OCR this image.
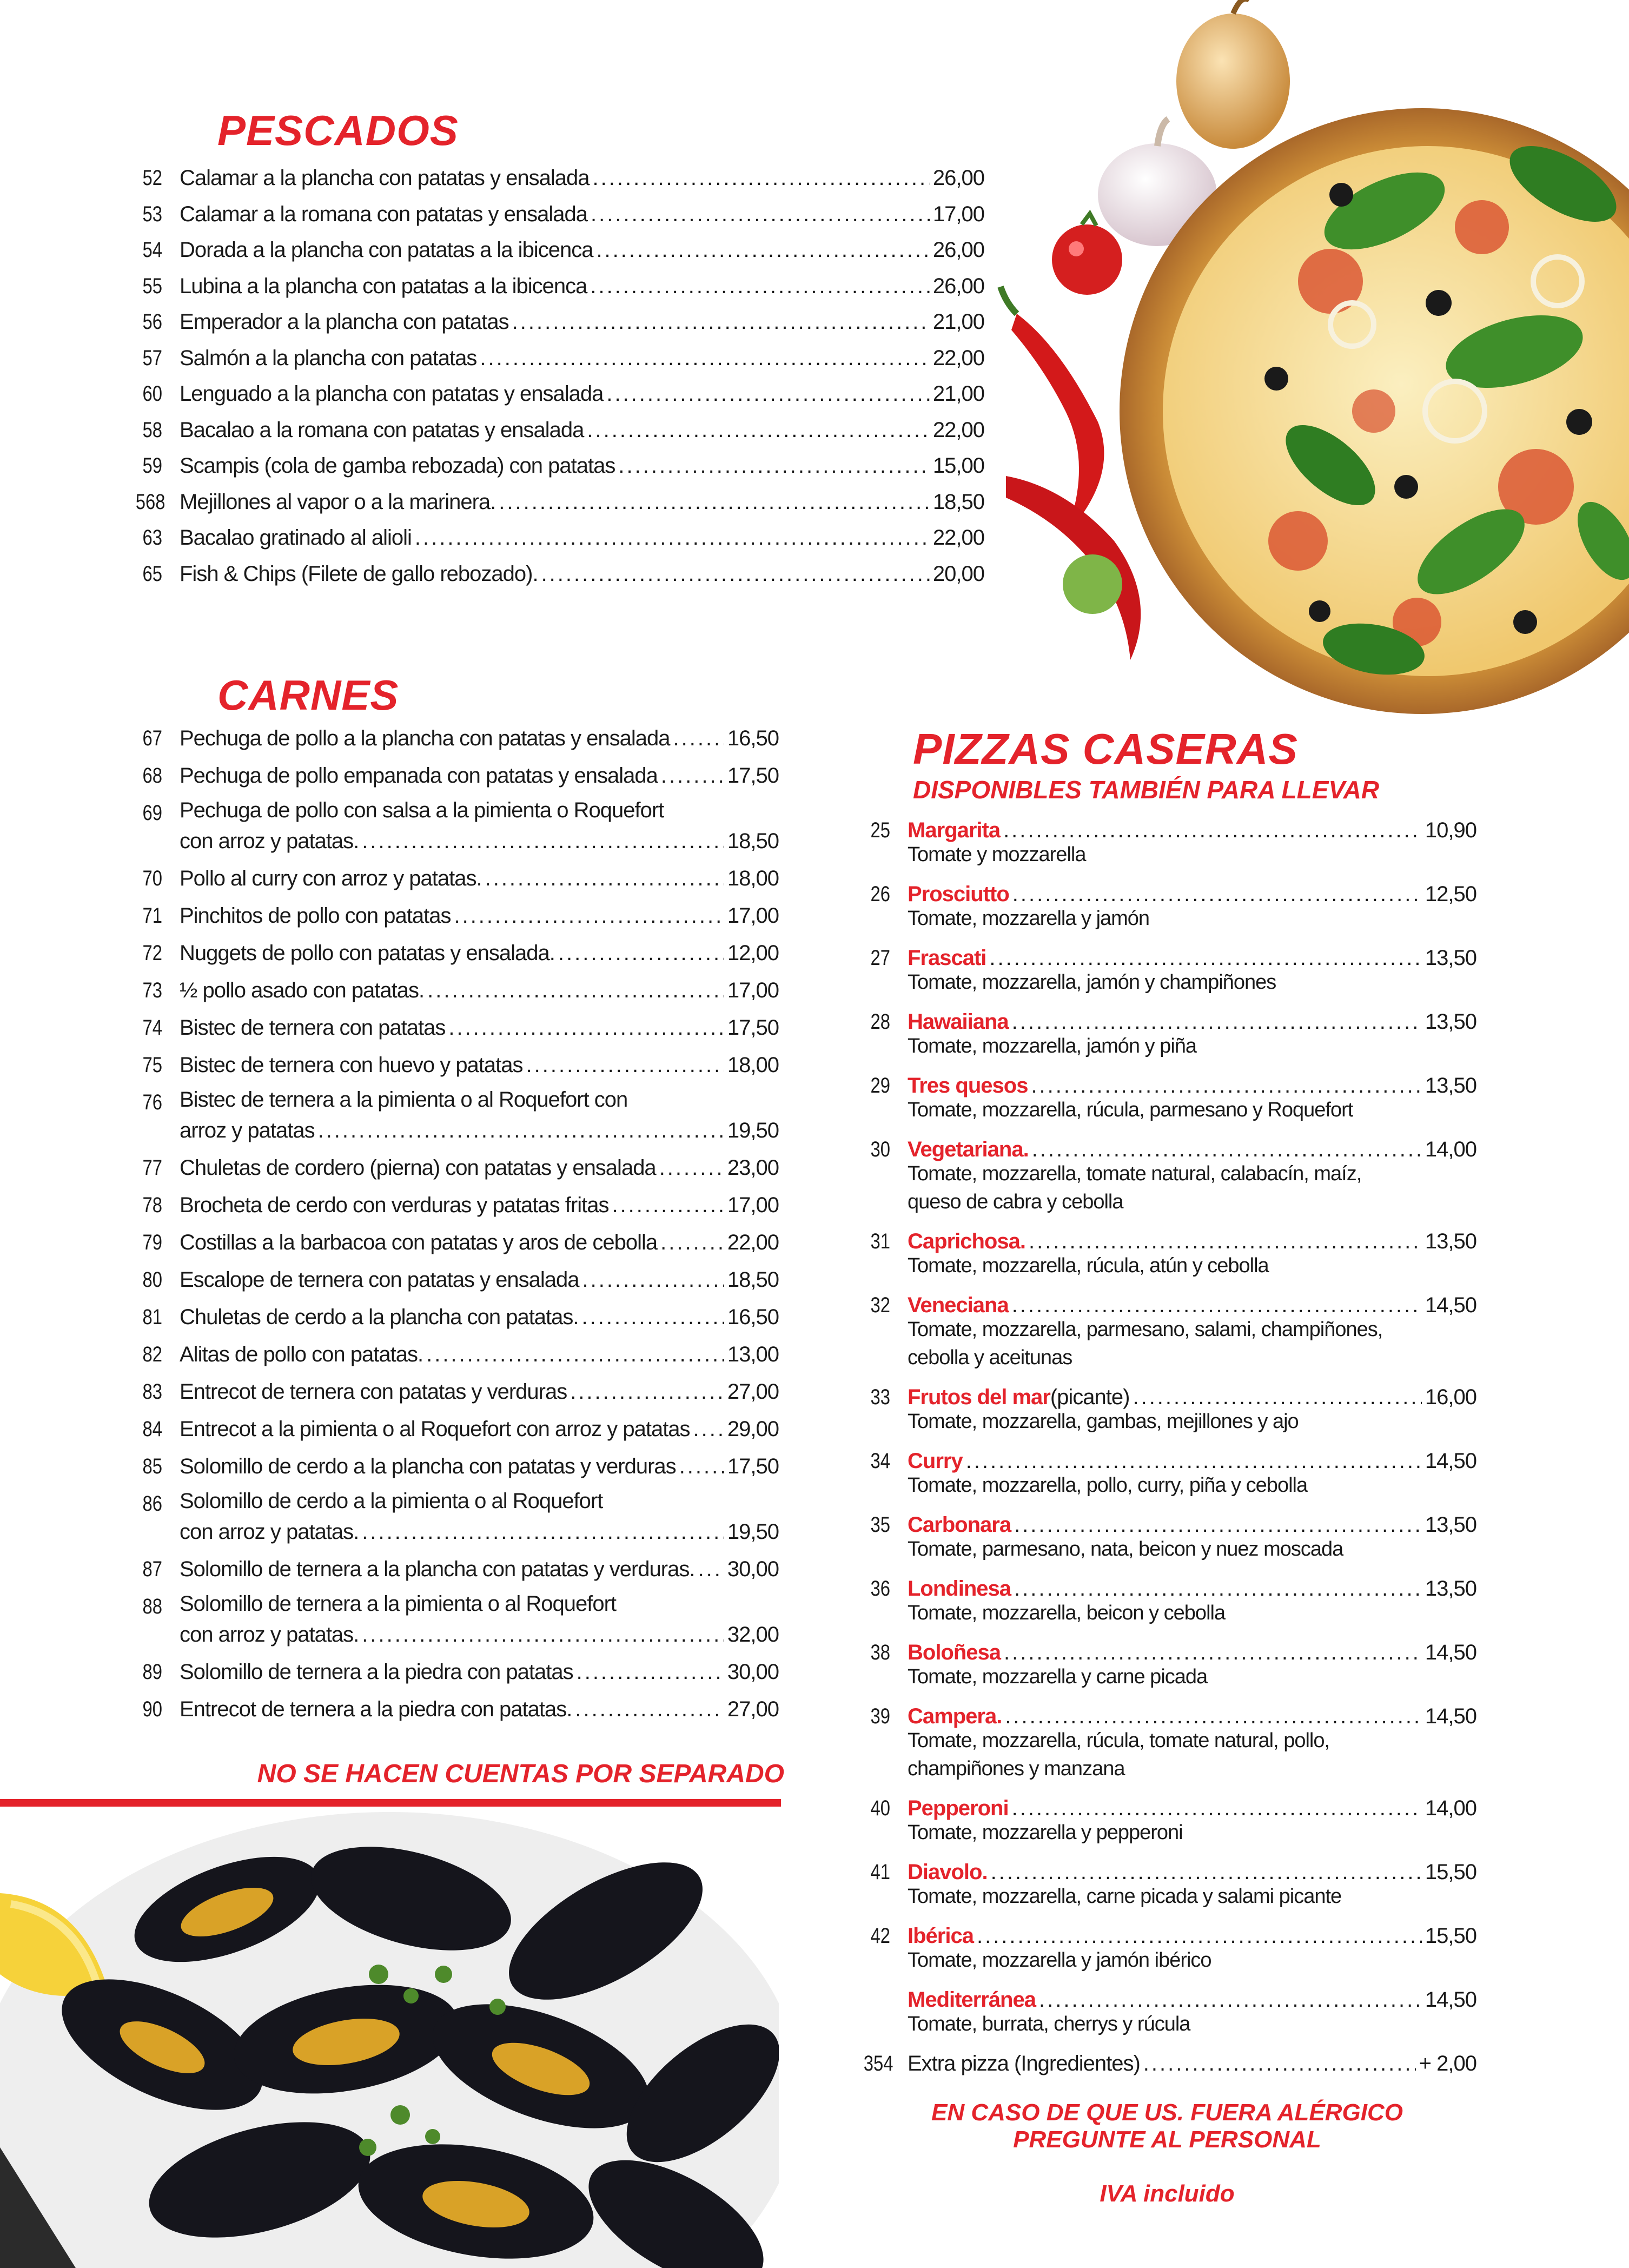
PESCADOS
52 Calamar a la plancha con patatas y ensalada .....	26,00
53 Calamar a la romana con patatas y ensalada .....	17,00
54 Dorada a la plancha con patatas a la ibicenca .....	26,00
55 Lubina a la plancha con patatas a la ibicenca .....	26,00
56 Emperador a la plancha con patatas .....	21,00
57 Salmón a la plancha con patatas .....	22,00
60 Lenguado a la plancha con patatas y ensalada .....	21,00
58 Bacalao a la romana con patatas y ensalada .....	22,00
59 Scampis (cola de gamba rebozada) con patatas .....	15,00
568 Mejillones al vapor o a la marinera. .....	18,50
63 Bacalao gratinado al alioli .....	22,00
65 Fish & Chips (Filete de gallo rebozado). .....	20,00
CARNES
67 Pechuga de pollo a la plancha con patatas y ensalada .....	16,50
68 Pechuga de pollo empanada con patatas y ensalada .....	17,50
69 Pechuga de pollo con salsa a la pimienta o Roquefort
con arroz y patatas. .....	18,50
70 Pollo al curry con arroz y patatas. .....	18,00
71 Pinchitos de pollo con patatas .....	17,00
72 Nuggets de pollo con patatas y ensalada. .....	12,00
73 ½ pollo asado con patatas. .....	17,00
74 Bistec de ternera con patatas .....	17,50
75 Bistec de ternera con huevo y patatas .....	18,00
76 Bistec de ternera a la pimienta o al Roquefort con
arroz y patatas .....	19,50
77 Chuletas de cordero (pierna) con patatas y ensalada .....	23,00
78 Brocheta de cerdo con verduras y patatas fritas .....	17,00
79 Costillas a la barbacoa con patatas y aros de cebolla .....	22,00
80 Escalope de ternera con patatas y ensalada .....	18,50
81 Chuletas de cerdo a la plancha con patatas. .....	16,50
82 Alitas de pollo con patatas. .....	13,00
83 Entrecot de ternera con patatas y verduras .....	27,00
84 Entrecot a la pimienta o al Roquefort con arroz y patatas ..... 29,00
85 Solomillo de cerdo a la plancha con patatas y verduras ..... 17,50
86 Solomillo de cerdo a la pimienta o al Roquefort
con arroz y patatas. .....	19,50
87 Solomillo de ternera a la plancha con patatas y verduras. ..... 30,00
88 Solomillo de ternera a la pimienta o al Roquefort
con arroz y patatas. .....	32,00
89 Solomillo de ternera a la piedra con patatas .....	30,00
90 Entrecot de ternera a la piedra con patatas. .....	27,00

NO SE HACEN CUENTAS POR SEPARADO

PIZZAS CASERAS

DISPONIBLES TAMBIÉN PARA LLEVAR

25 Margarita .....	10,90
Tomate y mozzarella
26 Prosciutto .....	12,50
Tomate, mozzarella y jamón
27 Frascati .....	13,50
Tomate, mozzarella, jamón y champiñones
28 Hawaiiana .....	13,50
Tomate, mozzarella, jamón y piña
29 Tres quesos .....	13,50
Tomate, mozzarella, rúcula, parmesano y Roquefort
30 Vegetariana. .....	14,00
Tomate, mozzarella, tomate natural, calabacín, maíz,
queso de cabra y cebolla
31 Caprichosa. .....	13,50
Tomate, mozzarella, rúcula, atún y cebolla
32 Veneciana .....	14,50
Tomate, mozzarella, parmesano, salami, champiñones,
cebolla y aceitunas
33 Frutos del mar (picante) .....	16,00
Tomate, mozzarella, gambas, mejillones y ajo
34 Curry .....	14,50
Tomate, mozzarella, pollo, curry, piña y cebolla
35 Carbonara .....	13,50
Tomate, parmesano, nata, beicon y nuez moscada
36 Londinesa .....	13,50
Tomate, mozzarella, beicon y cebolla
38 Boloñesa .....	14,50
Tomate, mozzarella y carne picada
39 Campera. .....	14,50
Tomate, mozzarella, rúcula, tomate natural, pollo,
champiñones y manzana
40 Pepperoni .....	14,00
Tomate, mozzarella y pepperoni
41 Diavolo. .....	15,50
Tomate, mozzarella, carne picada y salami picante
42 Ibérica .....	15,50
Tomate, mozzarella y jamón ibérico
Mediterránea .....	14,50
Tomate, burrata, cherrys y rúcula
354 Extra pizza (Ingredientes) .....	+ 2,00

EN CASO DE QUE US. FUERA ALÉRGICO

PREGUNTE AL PERSONAL

IVA incluido
